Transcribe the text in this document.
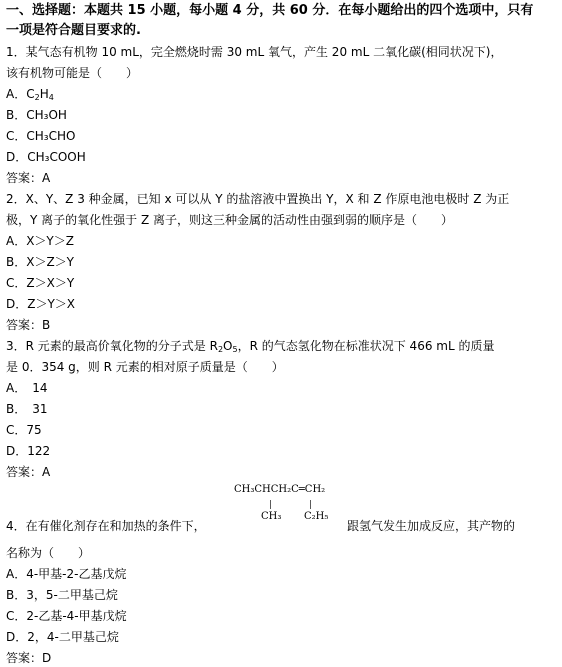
一、选择题：本题共 15 小题，每小题 4 分，共 60 分．在每小题给出的四个选项中，只有
一项是符合题目要求的.
1．某气态有机物 10 mL，完全燃烧时需 30 mL 氧气，产生 20 mL 二氧化碳(相同状况下)，
该有机物可能是（　　）
A．$C_2H_4$
B．CH₃OH
C．CH₃CHO
D．CH₃COOH
答案：A
2．X、Y、Z 3 种金属，已知 x 可以从 Y 的盐溶液中置换出 Y，X 和 Z 作原电池电极时 Z 为正
极，Y 离子的氧化性强于 Z 离子，则这三种金属的活动性由强到弱的顺序是（　　）
A．X＞Y＞Z
B．X＞Z＞Y
C．Z＞X＞Y
D．Z＞Y＞X
答案：B
3．R 元素的最高价氧化物的分子式是 $R_2O_5$，R 的气态氢化物在标准状况下 466 mL 的质量
是 0．354 g，则 R 元素的相对原子质量是（　　）
A．　14
B．　31
C．75
D．122
答案：A
4．在有催化剂存在和加热的条件下，
CH₃CHCH₂C═CH₂
CH₃ C₂H₅
跟氢气发生加成反应，其产物的
名称为（　　）
A．4-甲基-2-乙基戊烷
B．3，5-二甲基己烷
C．2-乙基-4-甲基戊烷
D．2，4-二甲基己烷
答案：D
